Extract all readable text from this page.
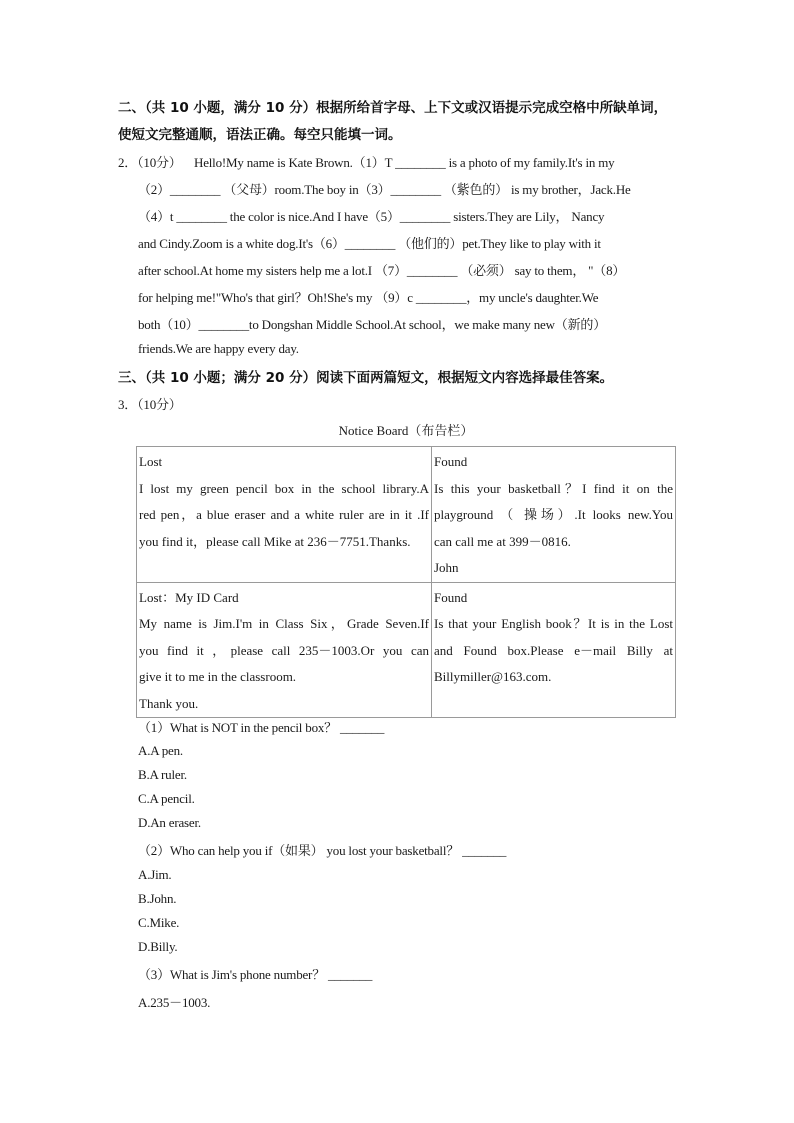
二、（共 10 小题，满分 10 分）根据所给首字母、上下文或汉语提示完成空格中所缺单词，
使短文完整通顺，语法正确。每空只能填一词。
2．（10分） Hello!My name is Kate Brown.（1）T ________ is a photo of my family.It's in my
（2）________ （父母）room.The boy in（3）________ （紫色的） is my brother，Jack.He
（4）t ________ the color is nice.And I have（5）________ sisters.They are Lily， Nancy
and Cindy.Zoom is a white dog.It's（6）________ （他们的）pet.They like to play with it
after school.At home my sisters help me a lot.I （7）________ （必须） say to them， "（8）
for helping me!"Who's that girl？Oh!She's my （9）c ________，my uncle's daughter.We
both（10）________to Dongshan Middle School.At school，we make many new（新的）
friends.We are happy every day.
三、（共 10 小题；满分 20 分）阅读下面两篇短文，根据短文内容选择最佳答案。
3．（10分）
Notice Board（布告栏）
Lost
I lost my green pencil box in the school library.A
red pen，a blue eraser and a white ruler are in it .If
you find it，please call Mike at 236－7751.Thanks.	Found
Is this your basketball？I find it on the
playground （ 操场）.It looks new.You
can call me at 399－0816.
John

Lost：My ID Card
My name is Jim.I'm in Class Six，Grade Seven.If
you find it ，please call 235－1003.Or you can
give it to me in the classroom.
Thank you.	Found
Is that your English book？It is in the Lost
and Found box.Please e－mail Billy at
Billymiller@163.com.
（1）What is NOT in the pencil box？ _______
A.A pen.
B.A ruler.
C.A pencil.
D.An eraser.
（2）Who can help you if（如果） you lost your basketball？ _______
A.Jim.
B.John.
C.Mike.
D.Billy.
（3）What is Jim's phone number？ _______
A.235－1003.
